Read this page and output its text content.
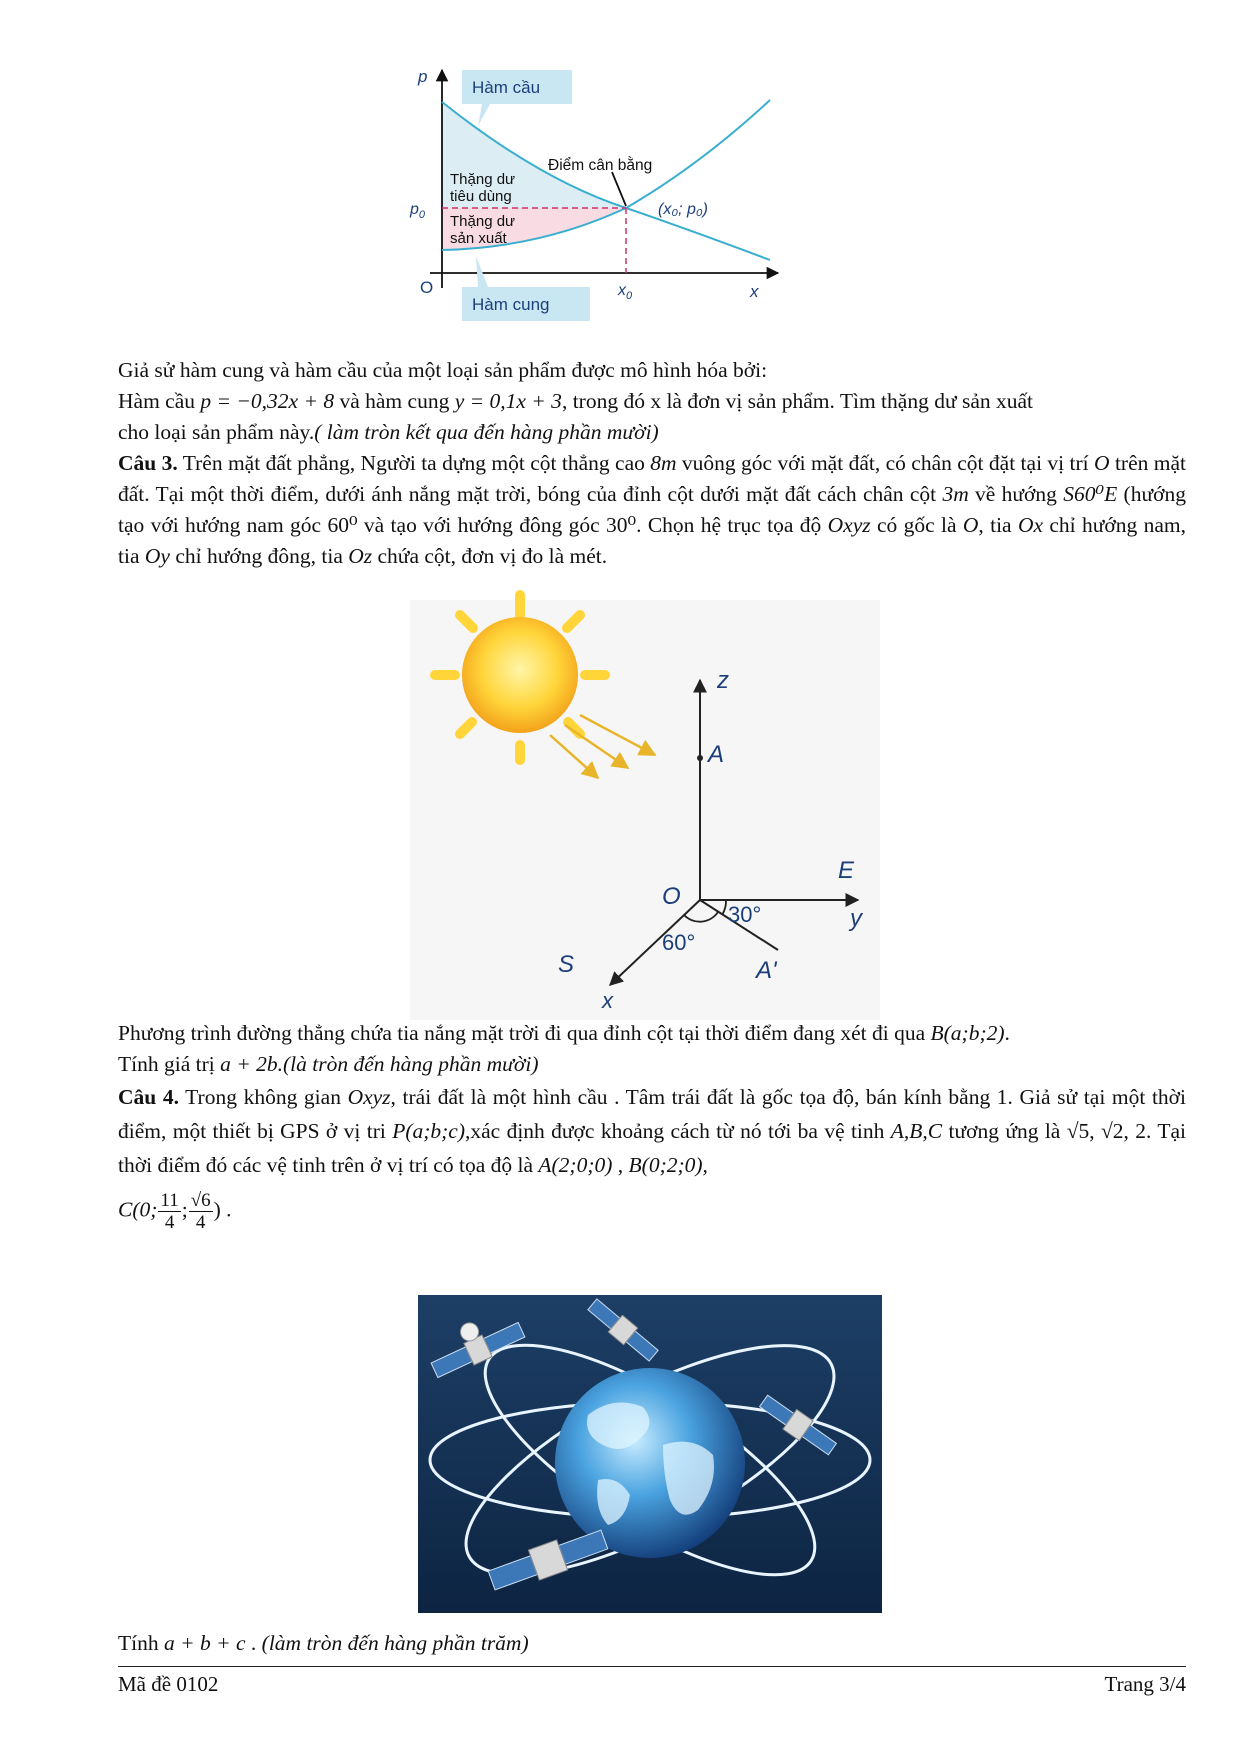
Hàm cầu
Hàm cung
p
x
O
Điểm cân bằng
Thặng dư
tiêu dùng
Thặng dư
sản xuất
$p_0$
$x_0$
(x₀; p₀)
Giả sử hàm cung và hàm cầu của một loại sản phẩm được mô hình hóa bởi:
Hàm cầu p = −0,32x + 8 và hàm cung y = 0,1x + 3, trong đó x là đơn vị sản phẩm. Tìm thặng dư sản xuất
cho loại sản phẩm này.( làm tròn kết qua đến hàng phần mười)
Câu 3. Trên mặt đất phẳng, Người ta dựng một cột thẳng cao 8m vuông góc với mặt đất, có chân cột đặt tại vị trí O trên mặt đất. Tại một thời điểm, dưới ánh nắng mặt trời, bóng của đỉnh cột dưới mặt đất cách chân cột 3m về hướng S60⁰E (hướng tạo với hướng nam góc 60⁰ và tạo với hướng đông góc 30⁰. Chọn hệ trục tọa độ Oxyz có gốc là O, tia Ox chỉ hướng nam, tia Oy chỉ hướng đông, tia Oz chứa cột, đơn vị đo là mét.
z
A
O
E
y
30°
60°
S
x
A'
Phương trình đường thẳng chứa tia nắng mặt trời đi qua đỉnh cột tại thời điểm đang xét đi qua B(a;b;2).
Tính giá trị a + 2b.(là tròn đến hàng phần mười)
Câu 4. Trong không gian Oxyz, trái đất là một hình cầu . Tâm trái đất là gốc tọa độ, bán kính bằng 1. Giả sử tại một thời điểm, một thiết bị GPS ở vị tri P(a;b;c),xác định được khoảng cách từ nó tới ba vệ tinh A,B,C tương ứng là √5, √2, 2. Tại thời điểm đó các vệ tinh trên ở vị trí có tọa độ là A(2;0;0) , B(0;2;0),
C(0; $\frac{11}{4}$ ; $\frac{√6}{4}$ ) .
Tính a + b + c . (làm tròn đến hàng phần trăm)
Mã đề 0102	Trang 3/4
